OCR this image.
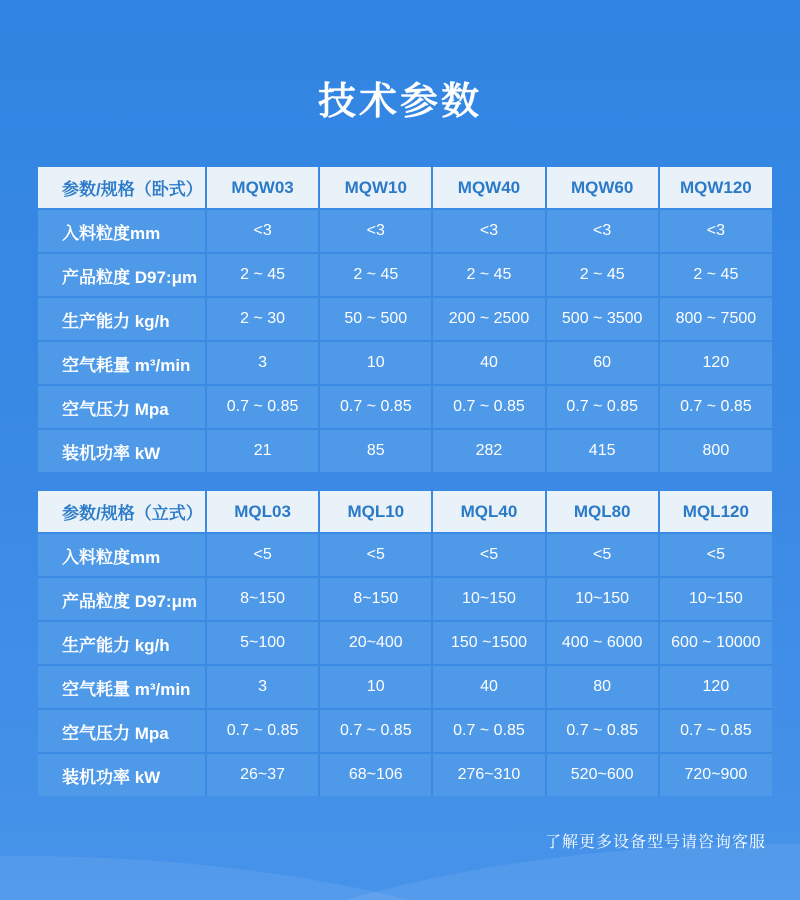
技术参数
参数/规格（卧式）	MQW03	MQW10	MQW40	MQW60	MQW120
入料粒度mm	<3	<3	<3	<3	<3
产品粒度 D97:μm	2 ~ 45	2 ~ 45	2 ~ 45	2 ~ 45	2 ~ 45
生产能力 kg/h	2 ~ 30	50 ~ 500	200 ~ 2500	500 ~ 3500	800 ~ 7500
空气耗量 m³/min	3	10	40	60	120
空气压力 Mpa	0.7 ~ 0.85	0.7 ~ 0.85	0.7 ~ 0.85	0.7 ~ 0.85	0.7 ~ 0.85
装机功率 kW	21	85	282	415	800
参数/规格（立式）	MQL03	MQL10	MQL40	MQL80	MQL120
入料粒度mm	<5	<5	<5	<5	<5
产品粒度 D97:μm	8~150	8~150	10~150	10~150	10~150
生产能力 kg/h	5~100	20~400	150 ~1500	400 ~ 6000	600 ~ 10000
空气耗量 m³/min	3	10	40	80	120
空气压力 Mpa	0.7 ~ 0.85	0.7 ~ 0.85	0.7 ~ 0.85	0.7 ~ 0.85	0.7 ~ 0.85
装机功率 kW	26~37	68~106	276~310	520~600	720~900
了解更多设备型号请咨询客服
